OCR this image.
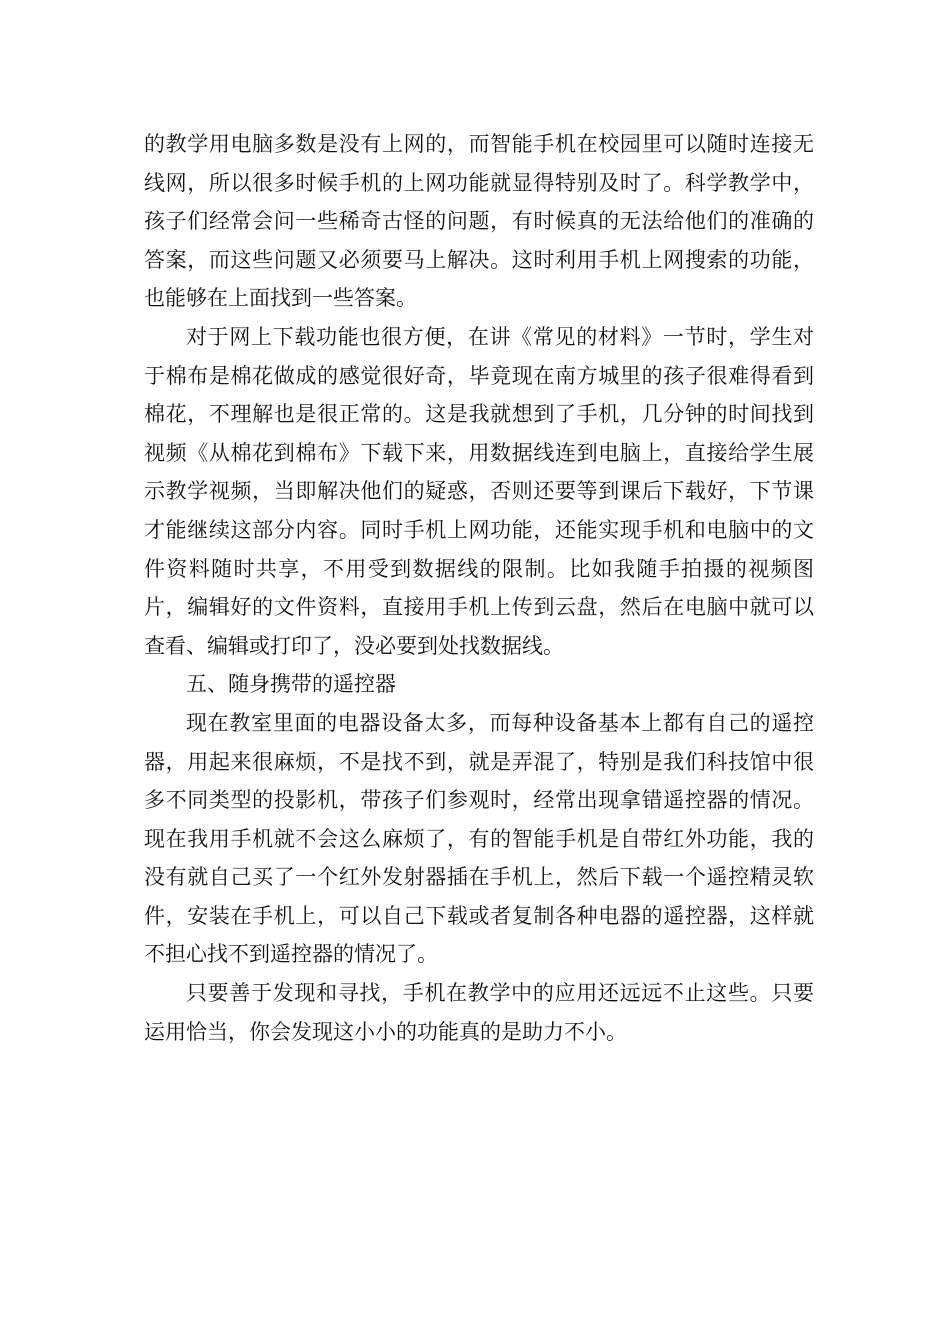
的教学用电脑多数是没有上网的，而智能手机在校园里可以随时连接无线网，所以很多时候手机的上网功能就显得特别及时了。科学教学中，孩子们经常会问一些稀奇古怪的问题，有时候真的无法给他们的准确的答案，而这些问题又必须要马上解决。这时利用手机上网搜索的功能，也能够在上面找到一些答案。

对于网上下载功能也很方便，在讲《常见的材料》一节时，学生对于棉布是棉花做成的感觉很好奇，毕竟现在南方城里的孩子很难得看到棉花，不理解也是很正常的。这是我就想到了手机，几分钟的时间找到视频《从棉花到棉布》下载下来，用数据线连到电脑上，直接给学生展示教学视频，当即解决他们的疑惑，否则还要等到课后下载好，下节课才能继续这部分内容。同时手机上网功能，还能实现手机和电脑中的文件资料随时共享，不用受到数据线的限制。比如我随手拍摄的视频图片，编辑好的文件资料，直接用手机上传到云盘，然后在电脑中就可以查看、编辑或打印了，没必要到处找数据线。

五、随身携带的遥控器

现在教室里面的电器设备太多，而每种设备基本上都有自己的遥控器，用起来很麻烦，不是找不到，就是弄混了，特别是我们科技馆中很多不同类型的投影机，带孩子们参观时，经常出现拿错遥控器的情况。现在我用手机就不会这么麻烦了，有的智能手机是自带红外功能，我的没有就自己买了一个红外发射器插在手机上，然后下载一个遥控精灵软件，安装在手机上，可以自己下载或者复制各种电器的遥控器，这样就不担心找不到遥控器的情况了。

只要善于发现和寻找，手机在教学中的应用还远远不止这些。只要运用恰当，你会发现这小小的功能真的是助力不小。
